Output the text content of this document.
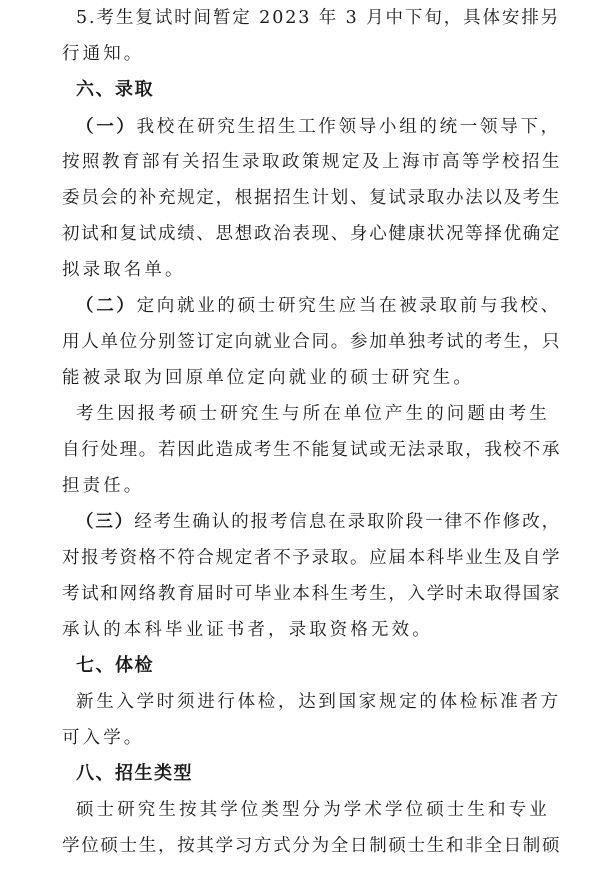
5.考生复试时间暂定 2023 年 3 月中下旬，具体安排另
行通知。
六、录取
（一）我校在研究生招生工作领导小组的统一领导下，
按照教育部有关招生录取政策规定及上海市高等学校招生
委员会的补充规定，根据招生计划、复试录取办法以及考生
初试和复试成绩、思想政治表现、身心健康状况等择优确定
拟录取名单。
（二）定向就业的硕士研究生应当在被录取前与我校、
用人单位分别签订定向就业合同。参加单独考试的考生，只
能被录取为回原单位定向就业的硕士研究生。
考生因报考硕士研究生与所在单位产生的问题由考生
自行处理。若因此造成考生不能复试或无法录取，我校不承
担责任。
（三）经考生确认的报考信息在录取阶段一律不作修改，
对报考资格不符合规定者不予录取。应届本科毕业生及自学
考试和网络教育届时可毕业本科生考生，入学时未取得国家
承认的本科毕业证书者，录取资格无效。
七、体检
新生入学时须进行体检，达到国家规定的体检标准者方
可入学。
八、招生类型
硕士研究生按其学位类型分为学术学位硕士生和专业
学位硕士生，按其学习方式分为全日制硕士生和非全日制硕
